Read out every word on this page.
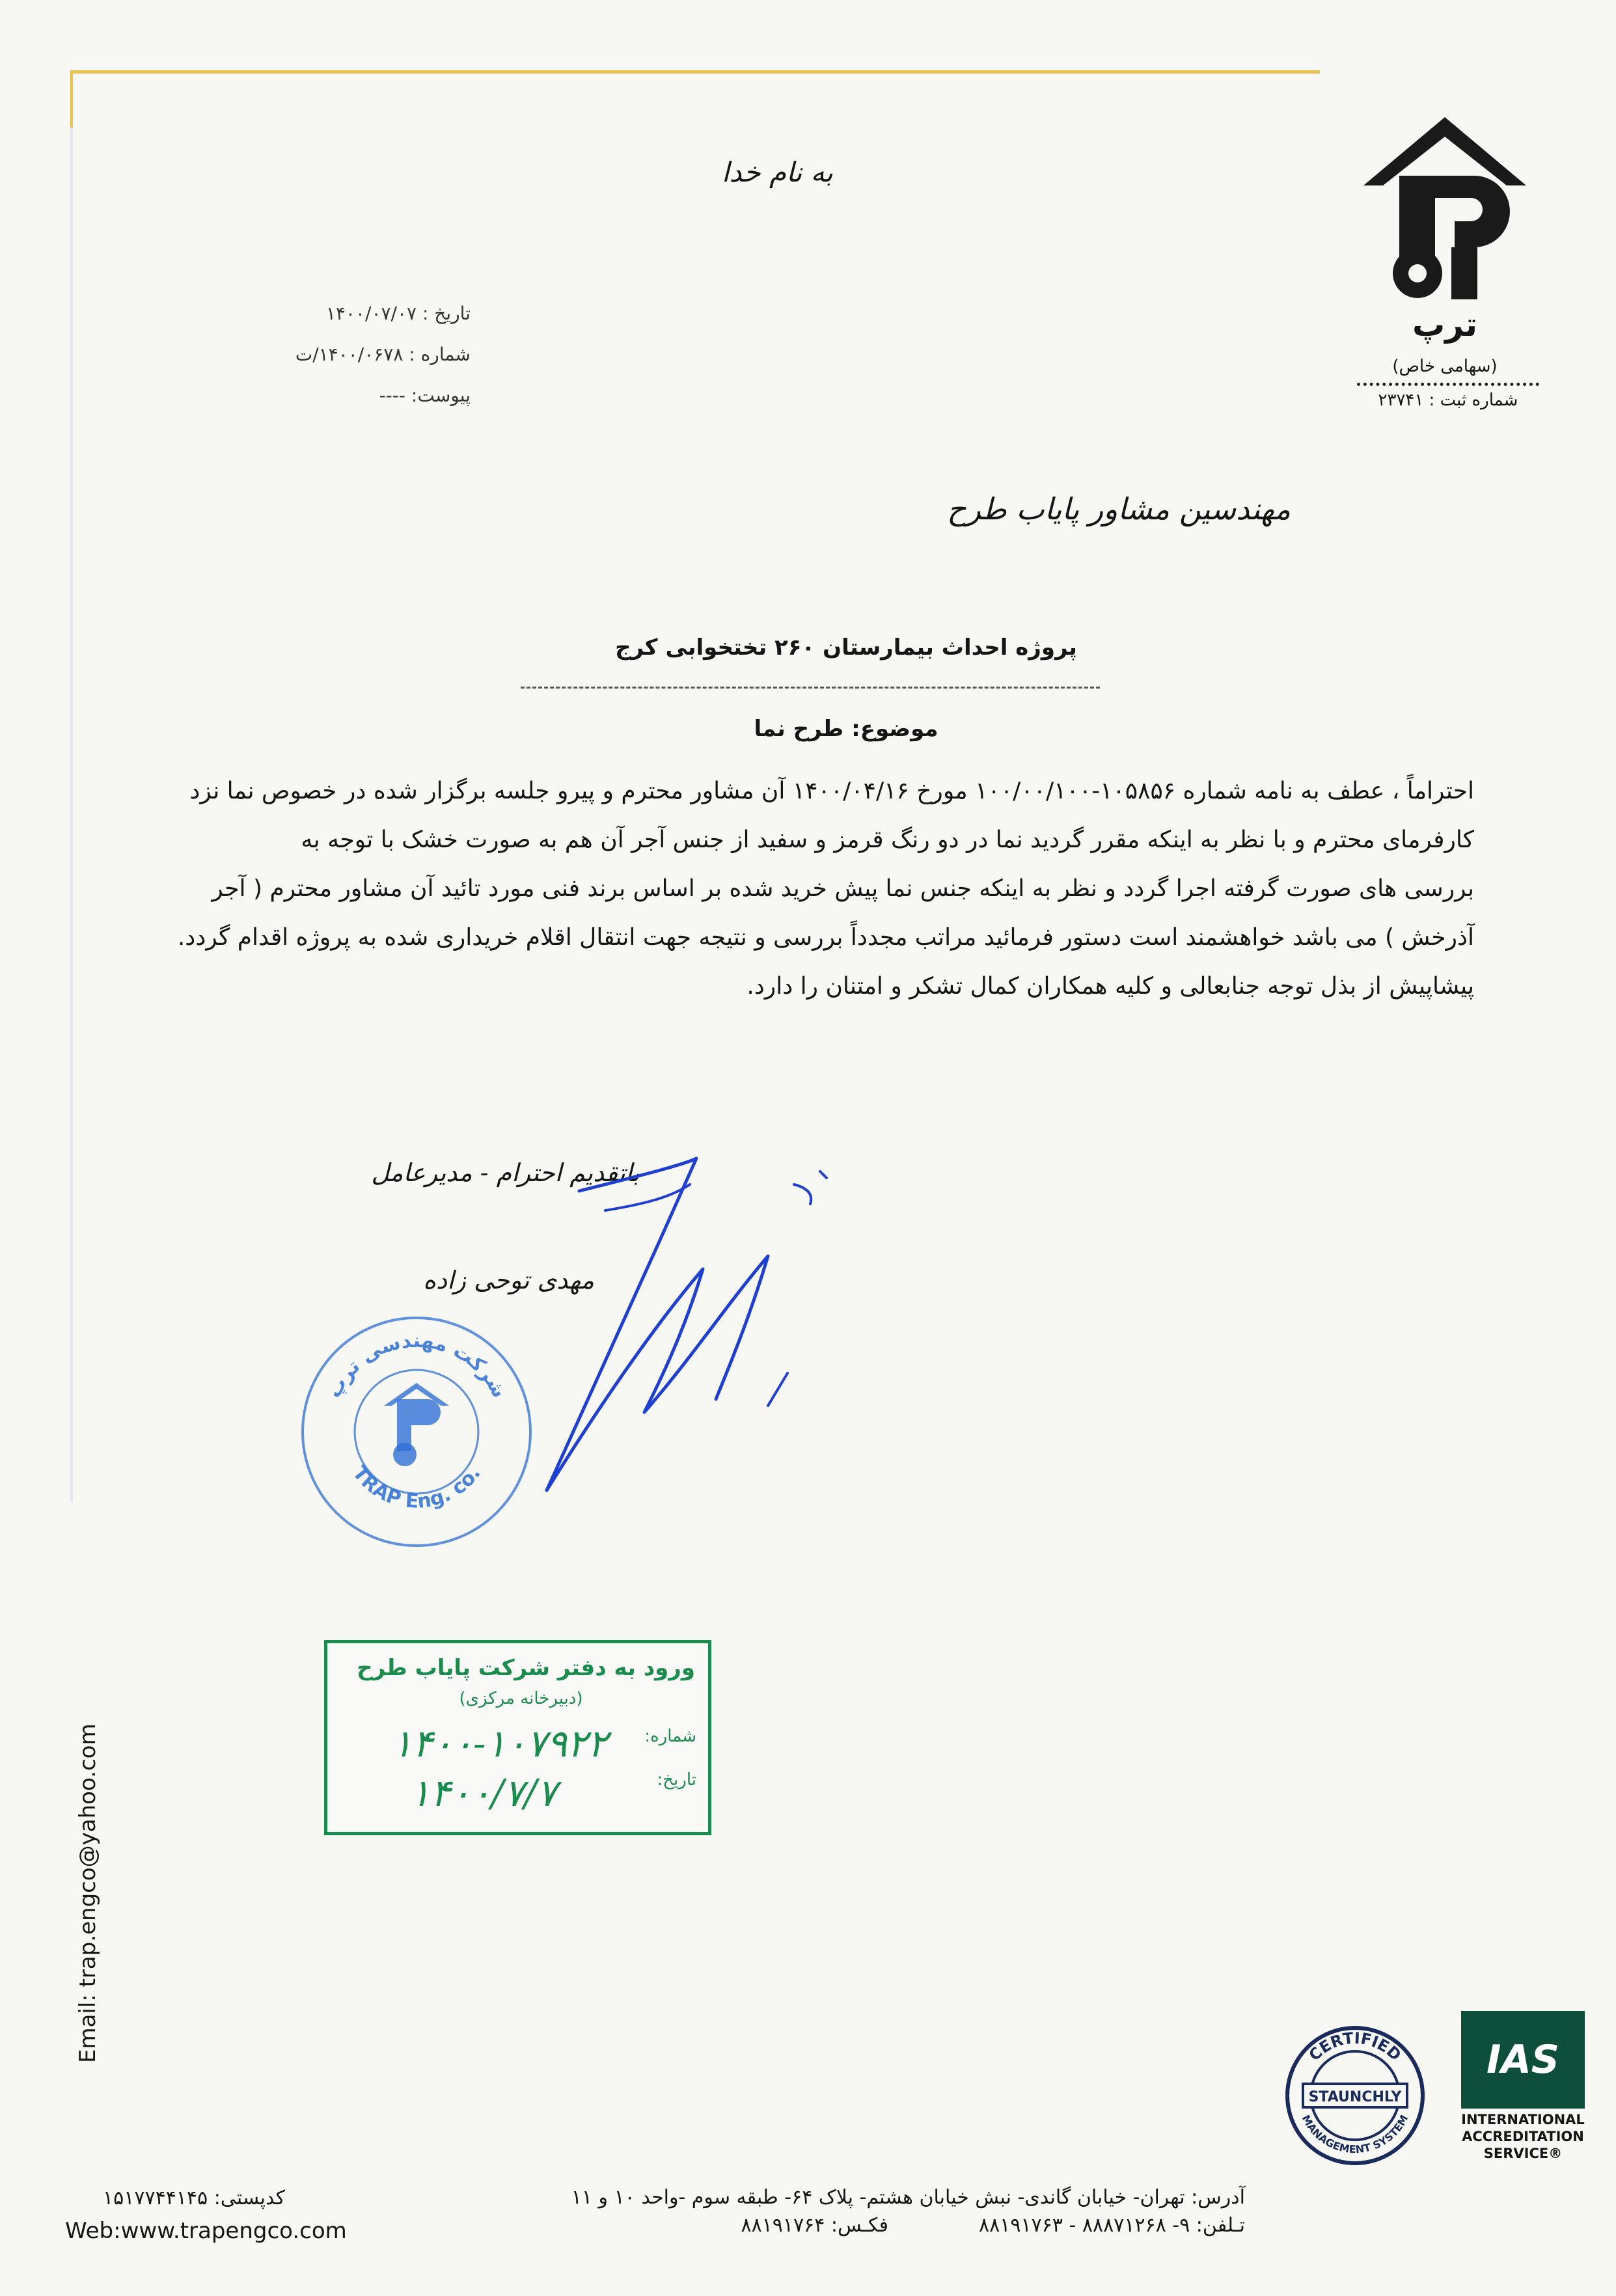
به نام خدا
تاریخ : ۱۴۰۰/۰۷/۰۷
شماره : ۱۴۰۰/۰۶۷۸/ت
پیوست: ----
ترپ
(سهامی خاص)
شماره ثبت : ۲۳۷۴۱
مهندسین مشاور پایاب طرح
پروژه احداث بیمارستان ۲۶۰ تختخوابی کرج
موضوع: طرح نما
احتراماً ، عطف به نامه شماره ۱۰۵۸۵۶-۱۰۰/۰۰/۱۰۰ مورخ ۱۴۰۰/۰۴/۱۶ آن مشاور محترم و پیرو جلسه برگزار شده در خصوص نما نزد
کارفرمای محترم و با نظر به اینکه مقرر گردید نما در دو رنگ قرمز و سفید از جنس آجر آن هم به صورت خشک با توجه به
بررسی های صورت گرفته اجرا گردد و نظر به اینکه جنس نما پیش خرید شده بر اساس برند فنی مورد تائید آن مشاور محترم ( آجر
آذرخش ) می باشد خواهشمند است دستور فرمائید مراتب مجدداً بررسی و نتیجه جهت انتقال اقلام خریداری شده به پروژه اقدام گردد.
پیشاپیش از بذل توجه جنابعالی و کلیه همکاران کمال تشکر و امتنان را دارد.
باتقدیم احترام - مدیرعامل
مهدی توحی زاده
شرکت مهندسی ترپ
TRAP Eng. co.
ورود به دفتر شرکت پایاب طرح
(دبیرخانه مرکزی)
شماره:
تاریخ:
۱۴۰۰-۱۰۷۹۲۲
۱۴۰۰/۷/۷
Email: trap.engco@yahoo.com
STAUNCHLY
CERTIFIED
MANAGEMENT SYSTEM
IAS
INTERNATIONAL
ACCREDITATION
SERVICE®
کدپستی: ۱۵۱۷۷۴۴۱۴۵
Web:www.trapengco.com
آدرس: تهران- خیابان گاندی- نبش خیابان هشتم- پلاک ۶۴- طبقه سوم -واحد ۱۰ و ۱۱
تـلفن: ۹- ۸۸۸۷۱۲۶۸ - ۸۸۱۹۱۷۶۳  فکـس: ۸۸۱۹۱۷۶۴
